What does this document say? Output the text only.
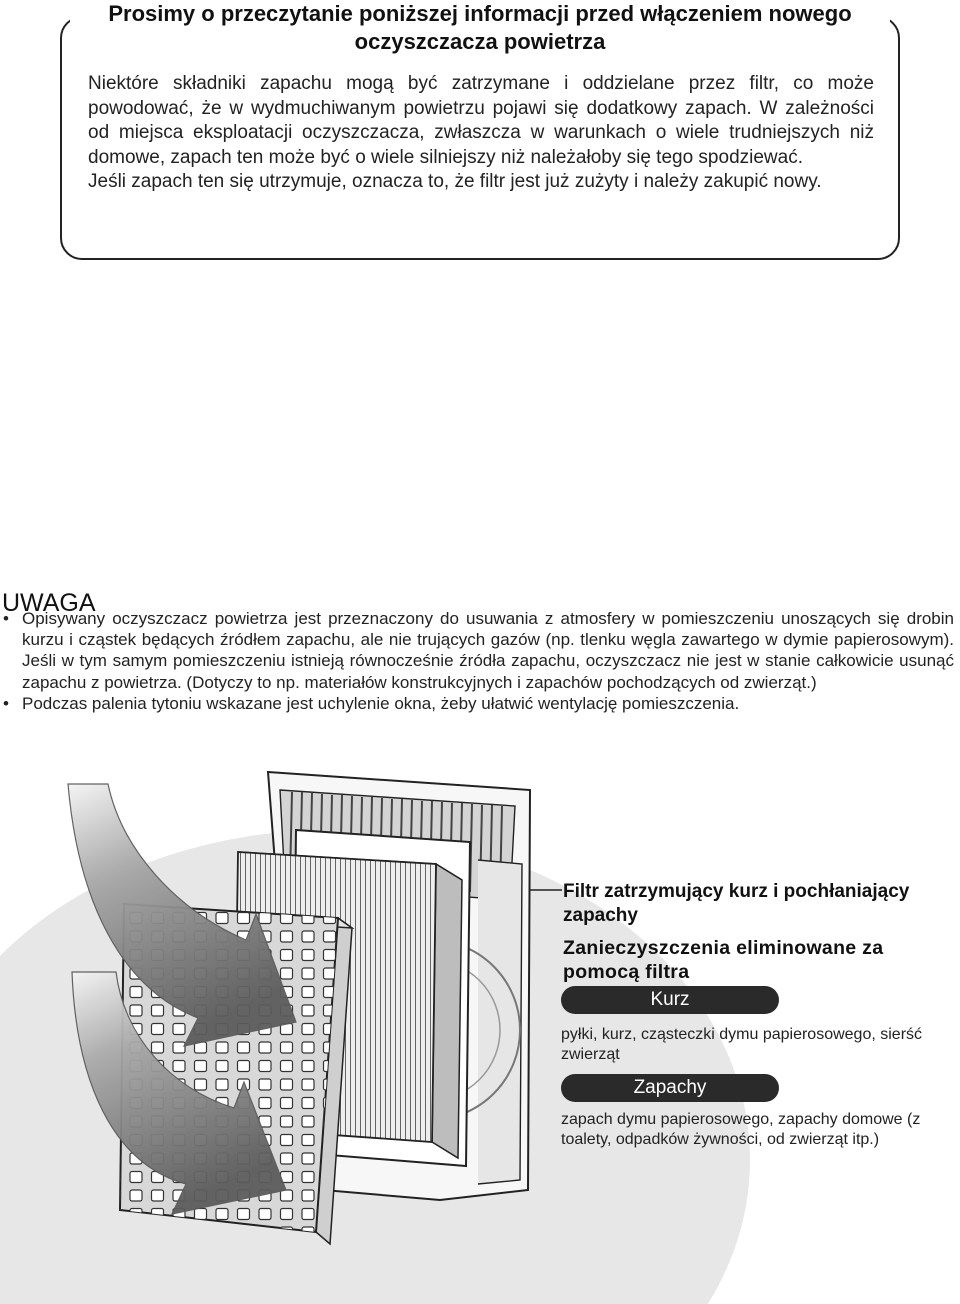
Prosimy o przeczytanie poniższej informacji przed włączeniem nowego oczyszczacza powietrza

Niektóre składniki zapachu mogą być zatrzymane i oddzielane przez filtr, co może powodować, że w wydmuchiwanym powietrzu pojawi się dodatkowy zapach. W zależności od miejsca eksploatacji oczyszczacza, zwłaszcza w warunkach o wiele trudniejszych niż domowe, zapach ten może być o wiele silniejszy niż należałoby się tego spodziewać.

Jeśli zapach ten się utrzymuje, oznacza to, że filtr jest już zużyty i należy zakupić nowy.

UWAGA
• Opisywany oczyszczacz powietrza jest przeznaczony do usuwania z atmosfery w pomieszczeniu unoszących się drobin kurzu i cząstek będących źródłem zapachu, ale nie trujących gazów (np. tlenku węgla zawartego w dymie papierosowym). Jeśli w tym samym pomieszczeniu istnieją równocześnie źródła zapachu, oczyszczacz nie jest w stanie całkowicie usunąć zapachu z powietrza. (Dotyczy to np. materiałów konstrukcyjnych i zapachów pochodzących od zwierząt.)
• Podczas palenia tytoniu wskazane jest uchylenie okna, żeby ułatwić wentylację pomieszczenia.
Filtr zatrzymujący kurz i pochłaniający zapachy
Zanieczyszczenia eliminowane za pomocą filtra
Kurz
pyłki, kurz, cząsteczki dymu papierosowego, sierść zwierząt
Zapachy
zapach dymu papierosowego, zapachy domowe (z toalety, odpadków żywności, od zwierząt itp.)
